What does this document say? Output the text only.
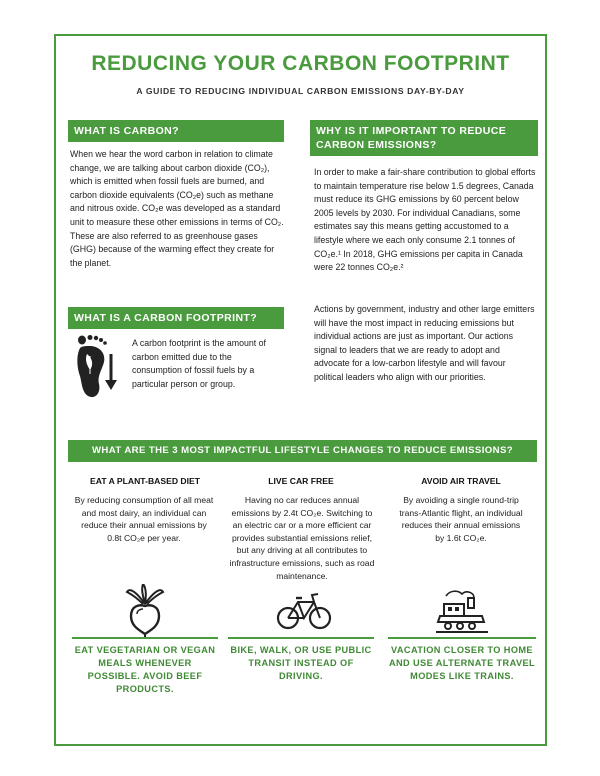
REDUCING YOUR CARBON FOOTPRINT
A GUIDE TO REDUCING INDIVIDUAL CARBON EMISSIONS DAY-BY-DAY
WHAT IS CARBON?
When we hear the word carbon in relation to climate change, we are talking about carbon dioxide (CO₂), which is emitted when fossil fuels are burned, and carbon dioxide equivalents (CO₂e) such as methane and nitrous oxide. CO₂e was developed as a standard unit to measure these other emissions in terms of CO₂. These are also referred to as greenhouse gases (GHG) because of the warming effect they create for the planet.
WHAT IS A CARBON FOOTPRINT?
A carbon footprint is the amount of carbon emitted due to the consumption of fossil fuels by a particular person or group.
WHY IS IT IMPORTANT TO REDUCE CARBON EMISSIONS?
In order to make a fair-share contribution to global efforts to maintain temperature rise below 1.5 degrees, Canada must reduce its GHG emissions by 60 percent below 2005 levels by 2030. For individual Canadians, some estimates say this means getting accustomed to a lifestyle where we each only consume 2.1 tonnes of CO₂e.¹ In 2018, GHG emissions per capita in Canada were 22 tonnes CO₂e.²
Actions by government, industry and other large emitters will have the most impact in reducing emissions but individual actions are just as important. Our actions signal to leaders that we are ready to adopt and advocate for a low-carbon lifestyle and will favour political leaders who align with our priorities.
WHAT ARE THE 3 MOST IMPACTFUL LIFESTYLE CHANGES TO REDUCE EMISSIONS?
EAT A PLANT-BASED DIET
By reducing consumption of all meat and most dairy, an individual can reduce their annual emissions by 0.8t CO₂e per year.
EAT VEGETARIAN OR VEGAN MEALS WHENEVER POSSIBLE. AVOID BEEF PRODUCTS.
LIVE CAR FREE
Having no car reduces annual emissions by 2.4t CO₂e. Switching to an electric car or a more efficient car provides substantial emissions relief, but any driving at all contributes to infrastructure emissions, such as road maintenance.
BIKE, WALK, OR USE PUBLIC TRANSIT INSTEAD OF DRIVING.
AVOID AIR TRAVEL
By avoiding a single round-trip trans-Atlantic flight, an individual reduces their annual emissions by 1.6t CO₂e.
VACATION CLOSER TO HOME AND USE ALTERNATE TRAVEL MODES LIKE TRAINS.
